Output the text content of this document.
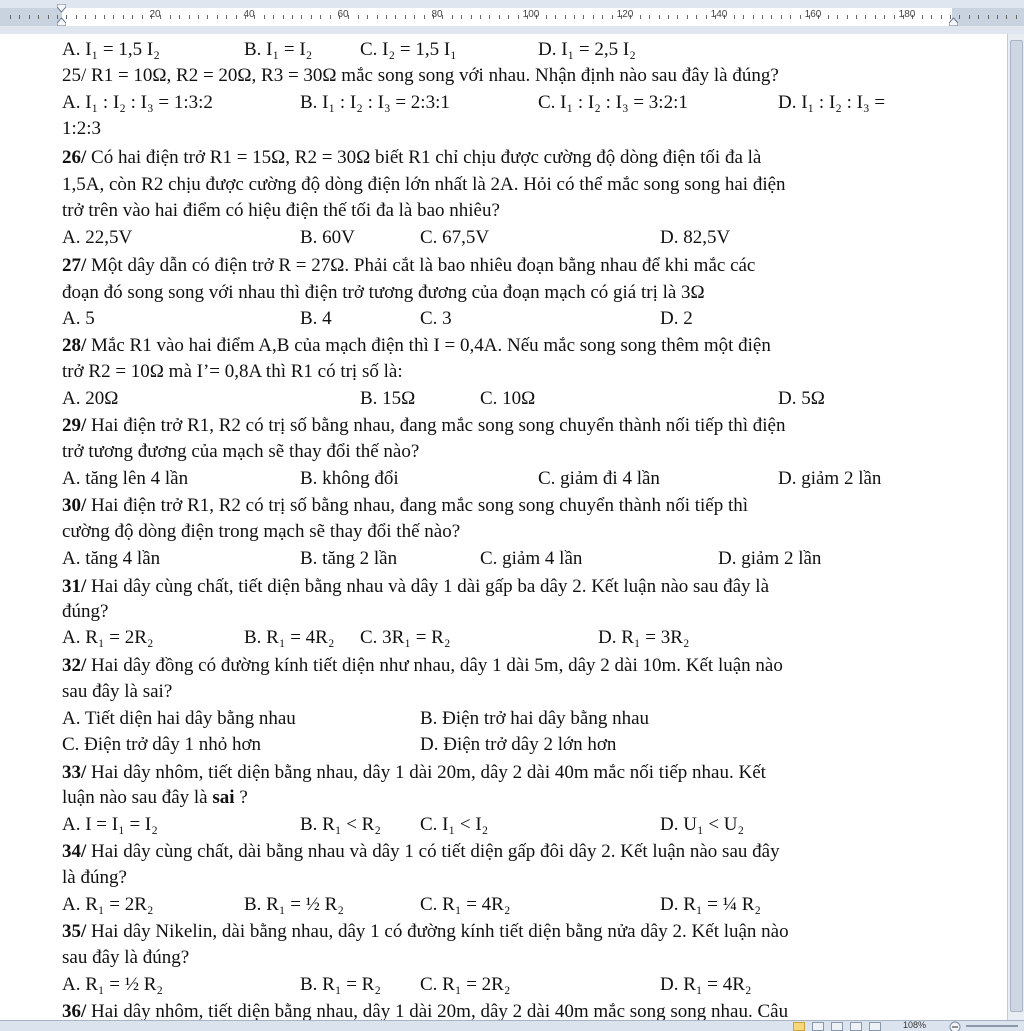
20	40	60	80	100	120	140	160	180
A. I₁ = 1,5 I₂	B. I₁ = I₂	C. I₂ = 1,5 I₁	D. I₁ = 2,5 I₂
25/ R1 = 10Ω, R2 = 20Ω, R3 = 30Ω mắc song song với nhau. Nhận định nào sau đây là đúng?
A. I₁ : I₂ : I₃ = 1:3:2	B. I₁ : I₂ : I₃ = 2:3:1	C. I₁ : I₂ : I₃ = 3:2:1	D. I₁ : I₂ : I₃ =
1:2:3
26/ Có hai điện trở R1 = 15Ω, R2 = 30Ω biết R1 chỉ chịu được cường độ dòng điện tối đa là
1,5A, còn R2 chịu được cường độ dòng điện lớn nhất là 2A. Hỏi có thể mắc song song hai điện
trở trên vào hai điểm có hiệu điện thế tối đa là bao nhiêu?
A. 22,5V	B. 60V	C. 67,5V	D. 82,5V
27/ Một dây dẫn có điện trở R = 27Ω. Phải cắt là bao nhiêu đoạn bằng nhau để khi mắc các
đoạn đó song song với nhau thì điện trở tương đương của đoạn mạch có giá trị là 3Ω
A. 5	B. 4	C. 3	D. 2
28/ Mắc R1 vào hai điểm A,B của mạch điện thì I = 0,4A. Nếu mắc song song thêm một điện
trở R2 = 10Ω mà I’= 0,8A thì R1 có trị số là:
A. 20Ω	B. 15Ω	C. 10Ω	D. 5Ω
29/ Hai điện trở R1, R2 có trị số bằng nhau, đang mắc song song chuyển thành nối tiếp thì điện
trở tương đương của mạch sẽ thay đổi thế nào?
A. tăng lên 4 lần	B. không đổi	C. giảm đi 4 lần	D. giảm 2 lần
30/ Hai điện trở R1, R2 có trị số bằng nhau, đang mắc song song chuyển thành nối tiếp thì
cường độ dòng điện trong mạch sẽ thay đổi thế nào?
A. tăng 4 lần	B. tăng 2 lần	C. giảm 4 lần	D. giảm 2 lần
31/ Hai dây cùng chất, tiết diện bằng nhau và dây 1 dài gấp ba dây 2. Kết luận nào sau đây là
đúng?
A. R₁ = 2R₂	B. R₁ = 4R₂ C. 3R₁ = R₂	D. R₁ = 3R₂
32/ Hai dây đồng có đường kính tiết diện như nhau, dây 1 dài 5m, dây 2 dài 10m. Kết luận nào
sau đây là sai?
A. Tiết diện hai dây bằng nhau	B. Điện trở hai dây bằng nhau
C. Điện trở dây 1 nhỏ hơn	D. Điện trở dây 2 lớn hơn
33/ Hai dây nhôm, tiết diện bằng nhau, dây 1 dài 20m, dây 2 dài 40m mắc nối tiếp nhau. Kết
luận nào sau đây là sai ?
A. I = I₁ = I₂	B. R₁ < R₂ C. I₁ < I₂	D. U₁ < U₂
34/ Hai dây cùng chất, dài bằng nhau và dây 1 có tiết diện gấp đôi dây 2. Kết luận nào sau đây
là đúng?
A. R₁ = 2R₂	B. R₁ = ½ R₂	C. R₁ = 4R₂	D. R₁ = ¼ R₂
35/ Hai dây Nikelin, dài bằng nhau, dây 1 có đường kính tiết diện bằng nửa dây 2. Kết luận nào
sau đây là đúng?
A. R₁ = ½ R₂	B. R₁ = R₂ C. R₁ = 2R₂	D. R₁ = 4R₂
36/ Hai dây nhôm, tiết diện bằng nhau, dây 1 dài 20m, dây 2 dài 40m mắc song song nhau. Câu
108%
